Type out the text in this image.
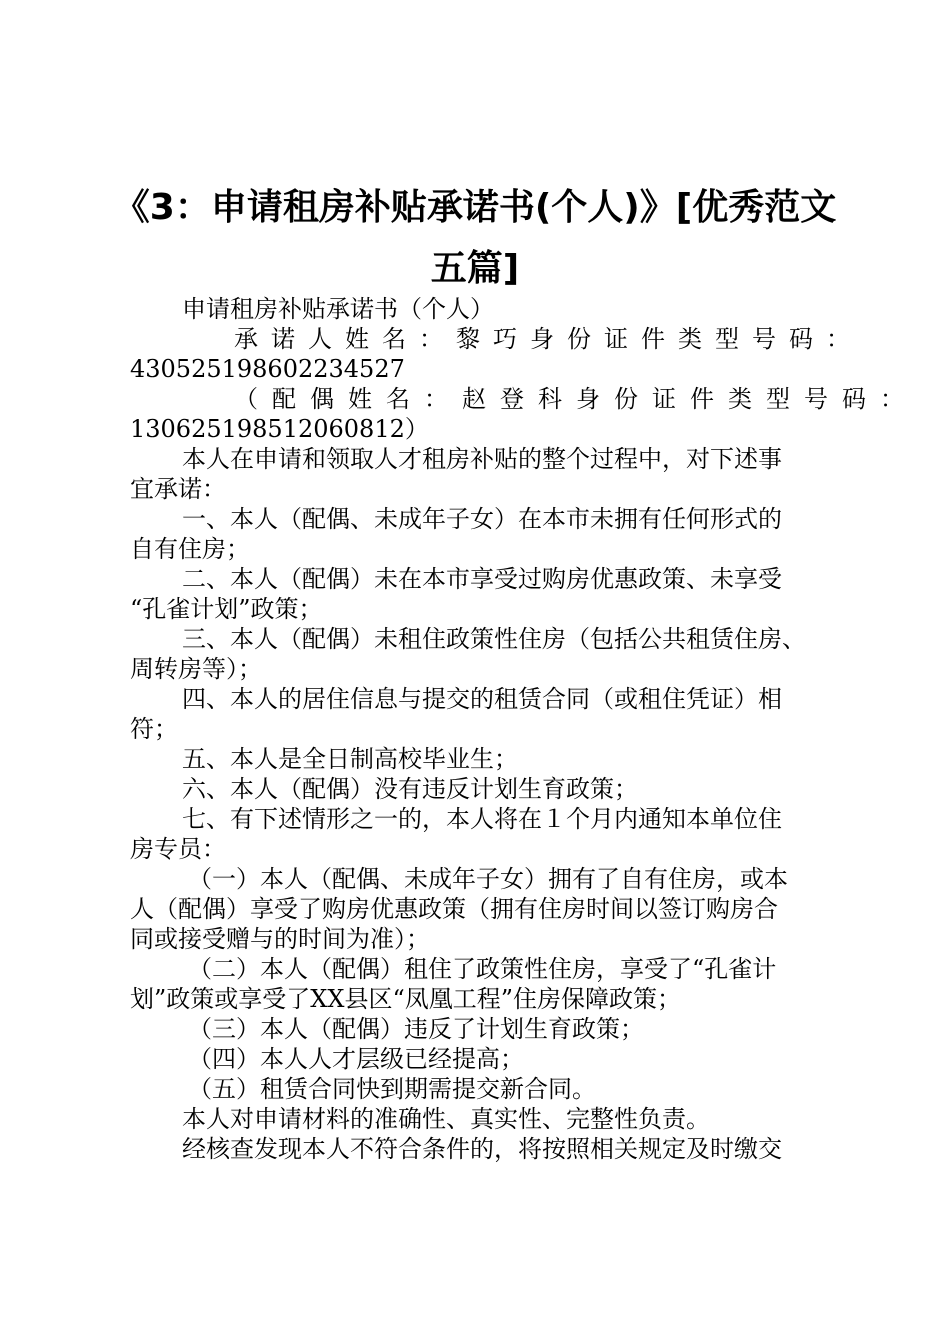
《3：申请租房补贴承诺书(个人)》[优秀范文
五篇]
申请租房补贴承诺书（个人）
承诺人姓名：黎巧身份证件类型号码：
430525198602234527
（配偶姓名：赵登科身份证件类型号码：
13062519851206081​2）
本人在申请和领取人才租房补贴的整个过程中，对下述事
宜承诺：
一、本人（配偶、未成年子女）在本市未拥有任何形式的
自有住房；
二、本人（配偶）未在本市享受过购房优惠政策、未享受
“孔雀计划”政策；
三、本人（配偶）未租住政策性住房（包括公共租赁住房、
周转房等）；
四、本人的居住信息与提交的租赁合同（或租住凭证）相
符；
五、本人是全日制高校毕业生；
六、本人（配偶）没有违反计划生育政策；
七、有下述情形之一的，本人将在１个月内通知本单位住
房专员：
（一）本人（配偶、未成年子女）拥有了自有住房，或本
人（配偶）享受了购房优惠政策（拥有住房时间以签订购房合
同或接受赠与的时间为准）；
（二）本人（配偶）租住了政策性住房，享受了“孔雀计
划”政策或享受了XX县区“凤凰工程”住房保障政策；
（三）本人（配偶）违反了计划生育政策；
（四）本人人才层级已经提高；
（五）租赁合同快到期需提交新合同。
本人对申请材料的准确性、真实性、完整性负责。
经核查发现本人不符合条件的，将按照相关规定及时缴交
